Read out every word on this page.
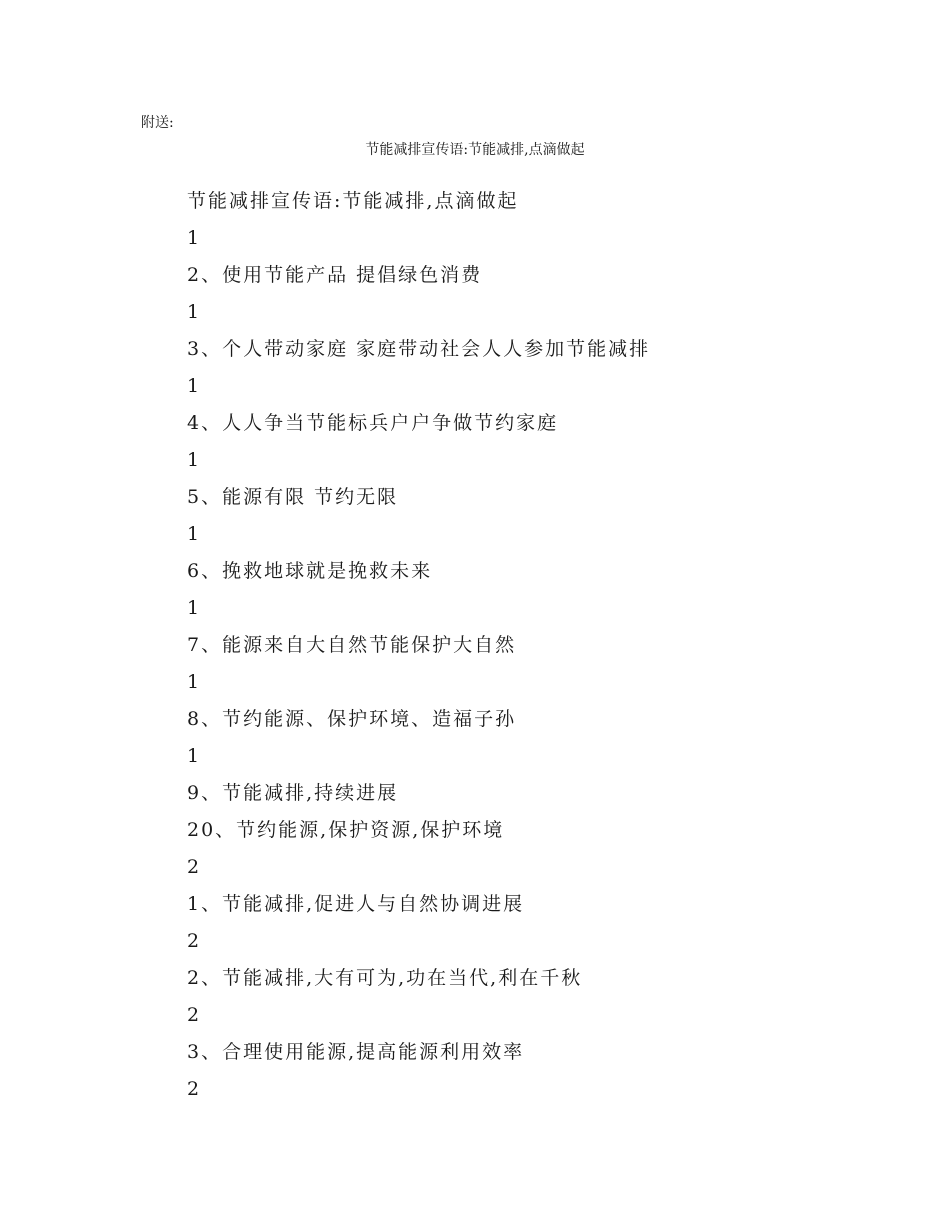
附送:
节能减排宣传语:节能减排,点滴做起
节能减排宣传语:节能减排,点滴做起
1
2、使用节能产品 提倡绿色消费
1
3、个人带动家庭 家庭带动社会人人参加节能减排
1
4、人人争当节能标兵户户争做节约家庭
1
5、能源有限 节约无限
1
6、挽救地球就是挽救未来
1
7、能源来自大自然节能保护大自然
1
8、节约能源、保护环境、造福子孙
1
9、节能减排,持续进展
20、节约能源,保护资源,保护环境
2
1、节能减排,促进人与自然协调进展
2
2、节能减排,大有可为,功在当代,利在千秋
2
3、合理使用能源,提高能源利用效率
2
